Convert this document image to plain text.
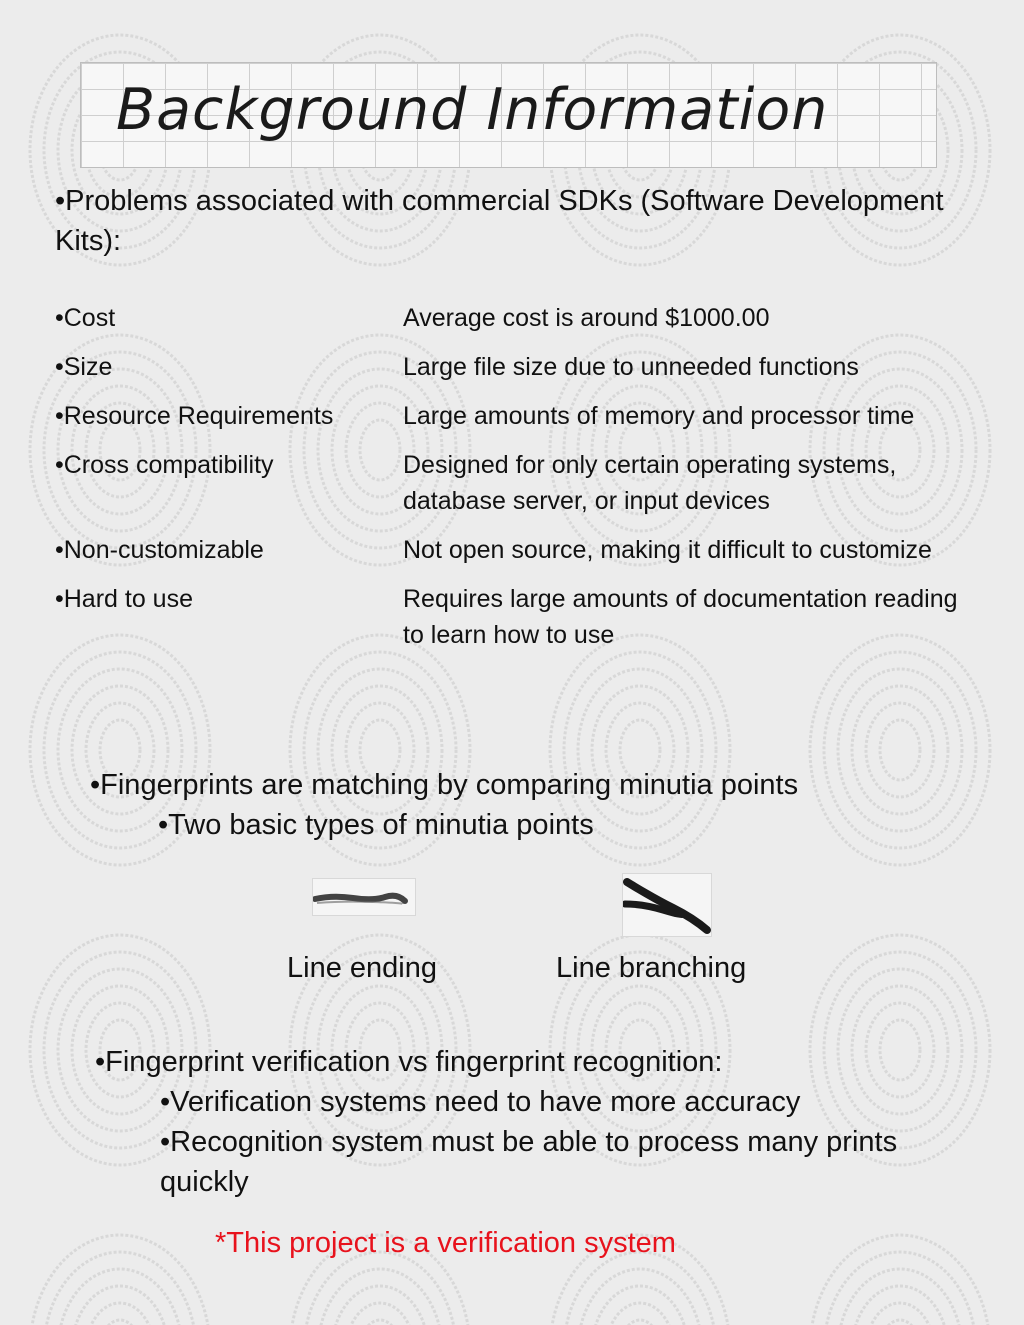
Background Information
•Problems associated with commercial SDKs (Software Development Kits):
•Cost	Average cost is around $1000.00
•Size	Large file size due to unneeded functions
•Resource Requirements	Large amounts of memory and processor time
•Cross compatibility	Designed for only certain operating systems, database server, or input devices
•Non-customizable	Not open source, making it difficult to customize
•Hard to use	Requires large amounts of documentation reading to learn how to use
•Fingerprints are matching by comparing minutia points
•Two basic types of minutia points
Line ending	Line branching
•Fingerprint verification vs fingerprint recognition:
•Verification systems need to have more accuracy
•Recognition system must be able to process many prints quickly
*This project is a verification system
